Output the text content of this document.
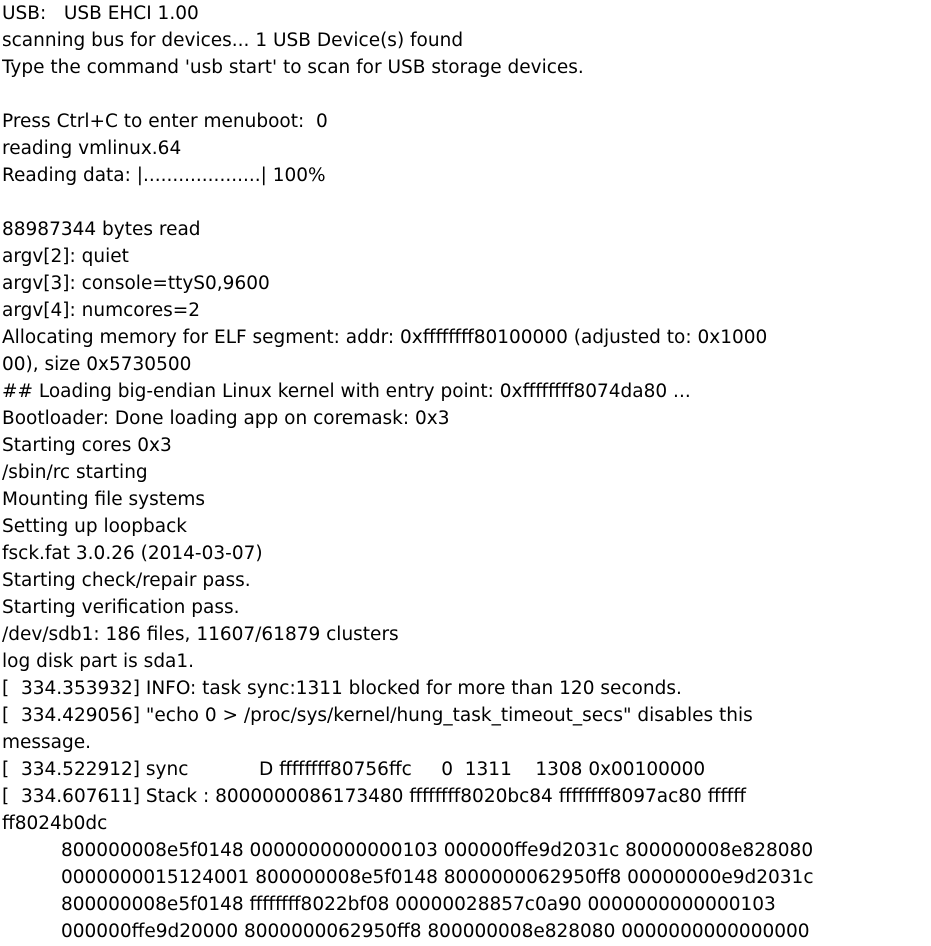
USB:   USB EHCI 1.00
scanning bus for devices... 1 USB Device(s) found
Type the command 'usb start' to scan for USB storage devices.
Press Ctrl+C to enter menuboot:  0
reading vmlinux.64
Reading data: |....................| 100%
88987344 bytes read
argv[2]: quiet
argv[3]: console=ttyS0,9600
argv[4]: numcores=2
Allocating memory for ELF segment: addr: 0xffffffff80100000 (adjusted to: 0x1000
00), size 0x5730500
## Loading big-endian Linux kernel with entry point: 0xffffffff8074da80 ...
Bootloader: Done loading app on coremask: 0x3
Starting cores 0x3
/sbin/rc starting
Mounting file systems
Setting up loopback
fsck.fat 3.0.26 (2014-03-07)
Starting check/repair pass.
Starting verification pass.
/dev/sdb1: 186 files, 11607/61879 clusters
log disk part is sda1.
[  334.353932] INFO: task sync:1311 blocked for more than 120 seconds.
[  334.429056] "echo 0 > /proc/sys/kernel/hung_task_timeout_secs" disables this
message.
[  334.522912] sync            D ffffffff80756ffc     0  1311    1308 0x00100000
[  334.607611] Stack : 8000000086173480 ffffffff8020bc84 ffffffff8097ac80 ffffff
ff8024b0dc
800000008e5f0148 0000000000000103 000000ffe9d2031c 800000008e828080
0000000015124001 800000008e5f0148 8000000062950ff8 00000000e9d2031c
800000008e5f0148 ffffffff8022bf08 00000028857c0a90 0000000000000103
000000ffe9d20000 8000000062950ff8 800000008e828080 0000000000000000
